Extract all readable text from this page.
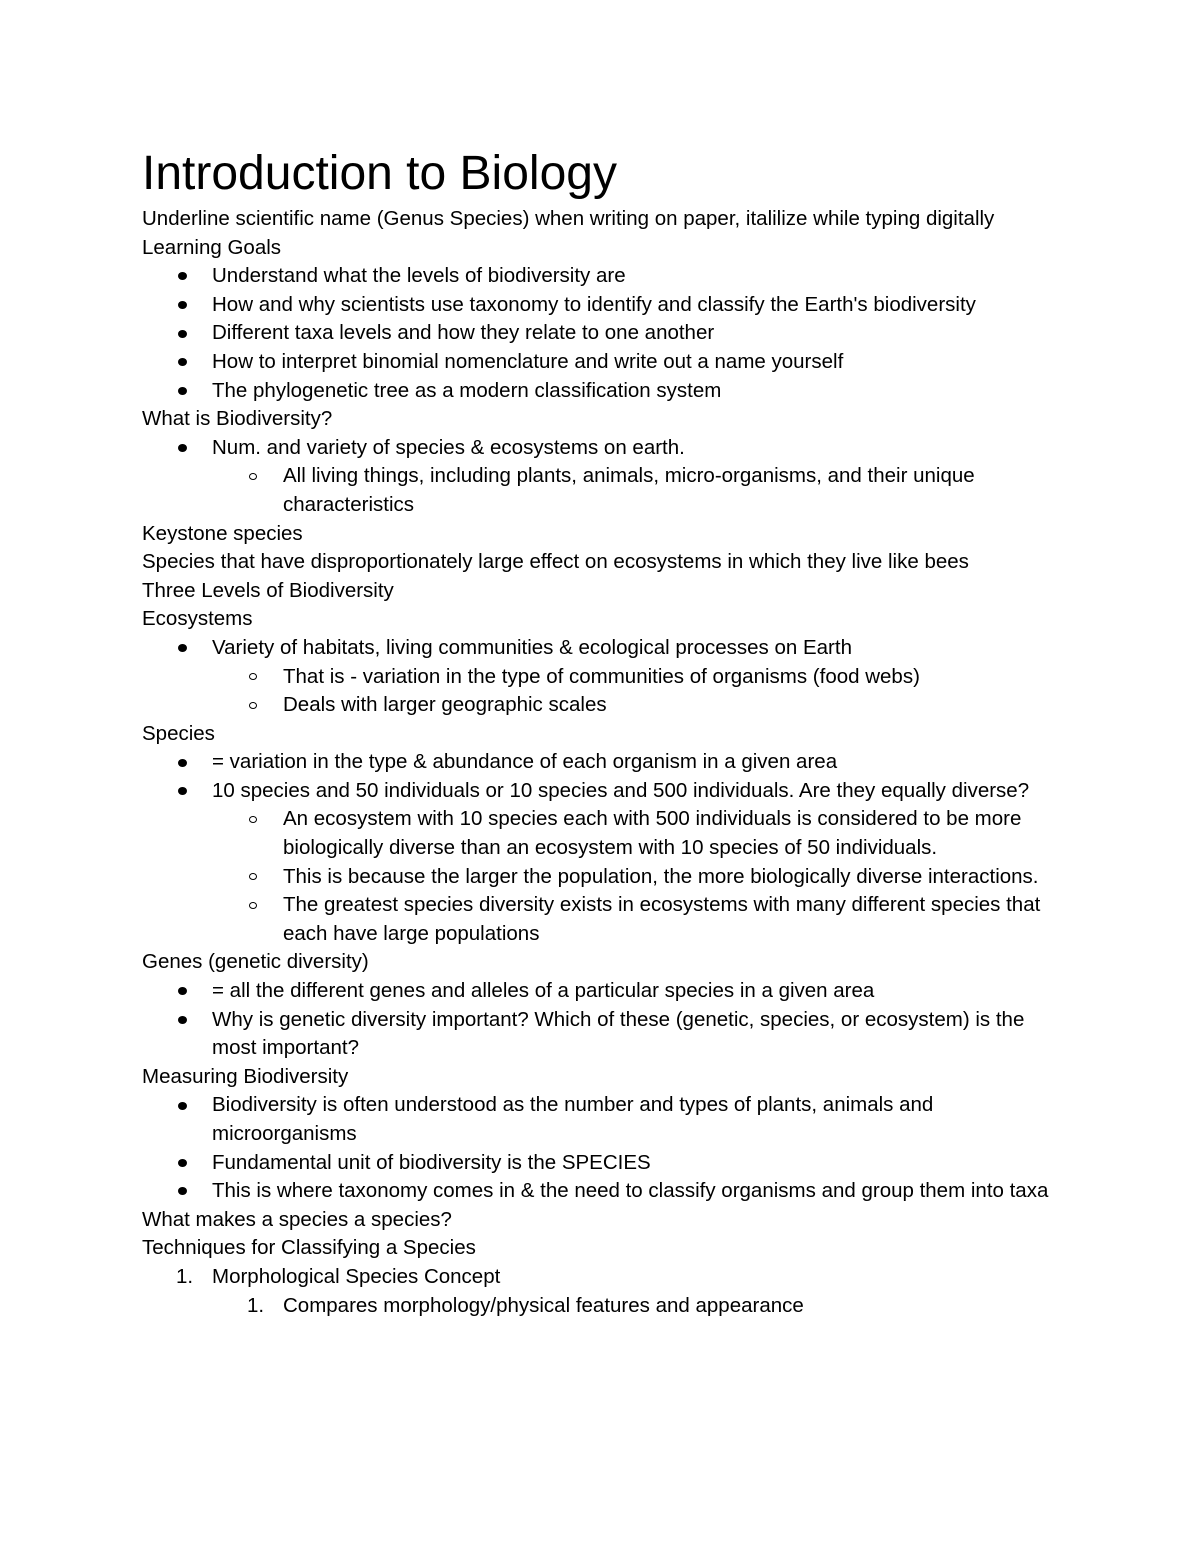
Introduction to Biology

Underline scientific name (Genus Species) when writing on paper, italilize while typing digitally

Learning Goals

Understand what the levels of biodiversity are
How and why scientists use taxonomy to identify and classify the Earth's biodiversity
Different taxa levels and how they relate to one another
How to interpret binomial nomenclature and write out a name yourself
The phylogenetic tree as a modern classification system

What is Biodiversity?

Num. and variety of species & ecosystems on earth.
All living things, including plants, animals, micro-organisms, and their unique characteristics

Keystone species

Species that have disproportionately large effect on ecosystems in which they live like bees

Three Levels of Biodiversity

Ecosystems

Variety of habitats, living communities & ecological processes on Earth
That is - variation in the type of communities of organisms (food webs)
Deals with larger geographic scales

Species

= variation in the type & abundance of each organism in a given area
10 species and 50 individuals or 10 species and 500 individuals. Are they equally diverse?
An ecosystem with 10 species each with 500 individuals is considered to be more biologically diverse than an ecosystem with 10 species of 50 individuals.
This is because the larger the population, the more biologically diverse interactions.
The greatest species diversity exists in ecosystems with many different species that each have large populations

Genes (genetic diversity)

= all the different genes and alleles of a particular species in a given area
Why is genetic diversity important? Which of these (genetic, species, or ecosystem) is the most important?

Measuring Biodiversity

Biodiversity is often understood as the number and types of plants, animals and microorganisms
Fundamental unit of biodiversity is the SPECIES
This is where taxonomy comes in & the need to classify organisms and group them into taxa

What makes a species a species?

Techniques for Classifying a Species

1. Morphological Species Concept
1. Compares morphology/physical features and appearance
